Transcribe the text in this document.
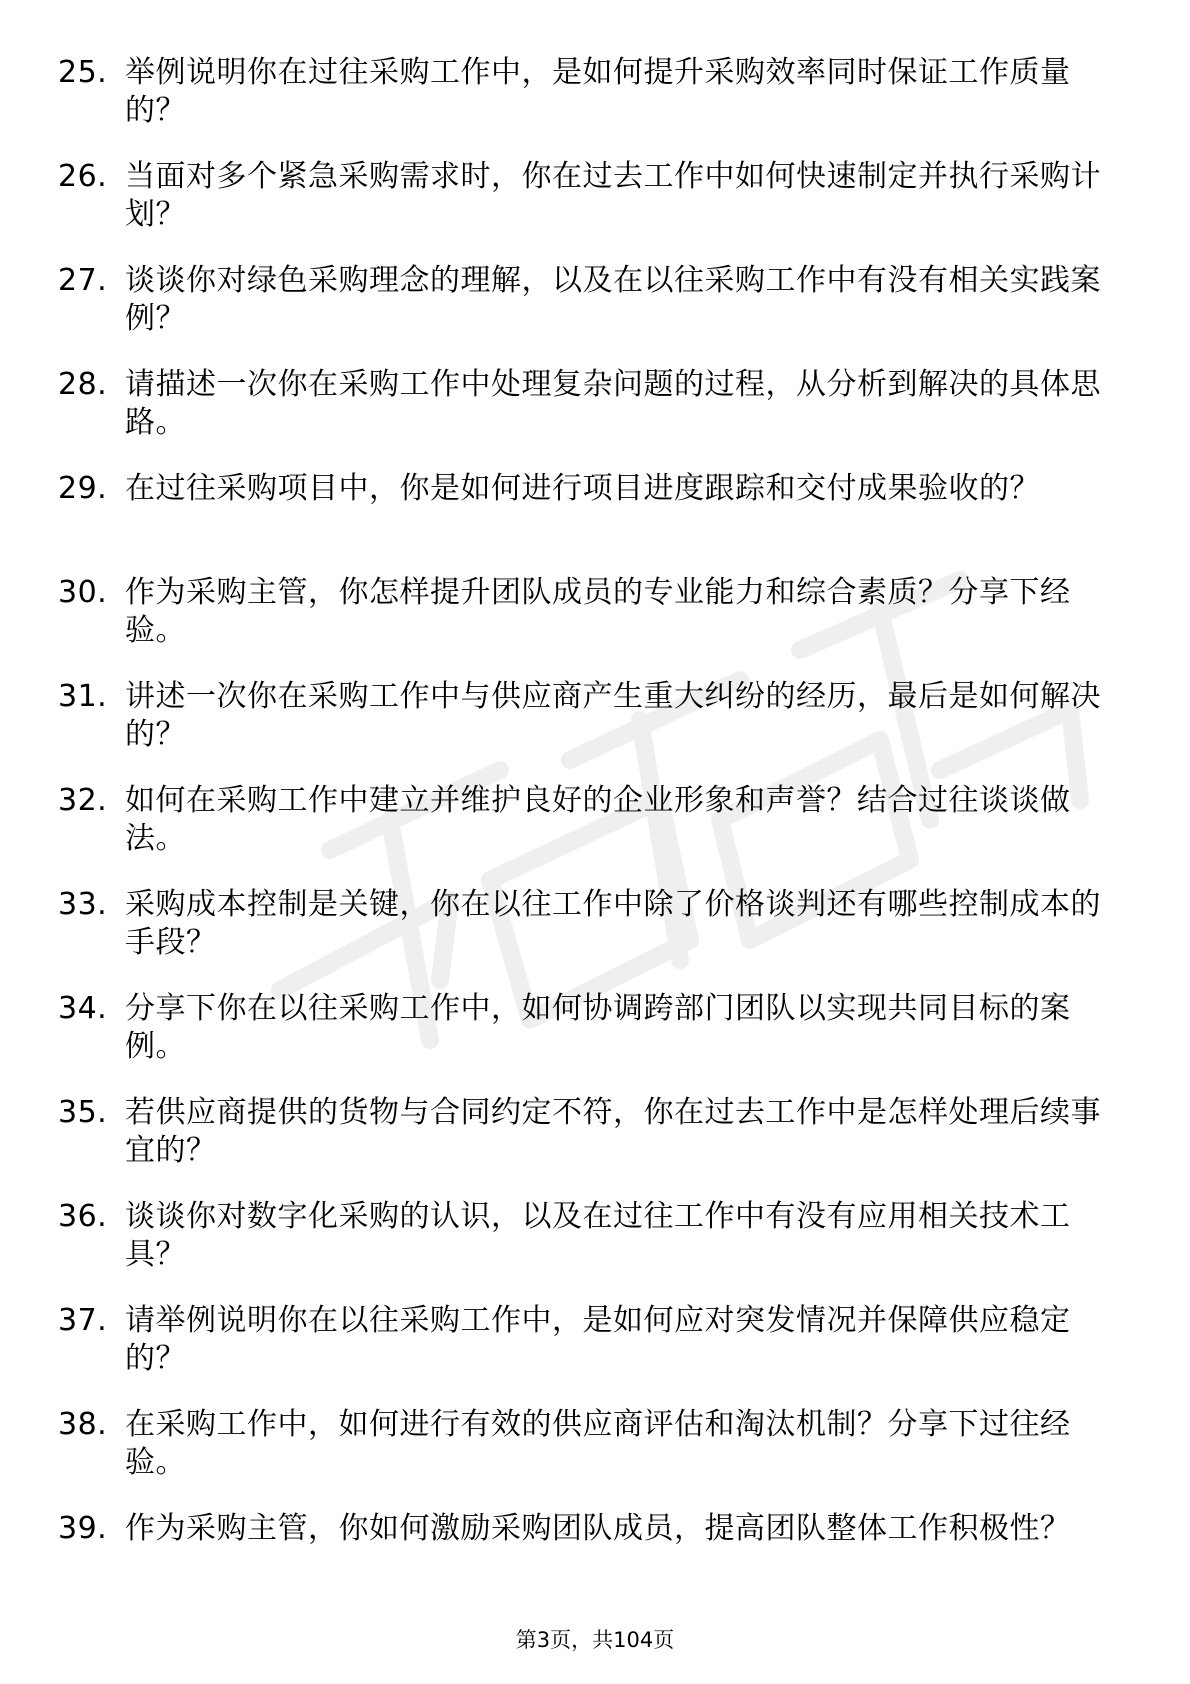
25. 举例说明你在过往采购工作中，是如何提升采购效率同时保证工作质量的？
26. 当面对多个紧急采购需求时，你在过去工作中如何快速制定并执行采购计划？
27. 谈谈你对绿色采购理念的理解，以及在以往采购工作中有没有相关实践案例？
28. 请描述一次你在采购工作中处理复杂问题的过程，从分析到解决的具体思路。
29. 在过往采购项目中，你是如何进行项目进度跟踪和交付成果验收的？
30. 作为采购主管，你怎样提升团队成员的专业能力和综合素质？分享下经验。
31. 讲述一次你在采购工作中与供应商产生重大纠纷的经历，最后是如何解决的？
32. 如何在采购工作中建立并维护良好的企业形象和声誉？结合过往谈谈做法。
33. 采购成本控制是关键，你在以往工作中除了价格谈判还有哪些控制成本的手段？
34. 分享下你在以往采购工作中，如何协调跨部门团队以实现共同目标的案例。
35. 若供应商提供的货物与合同约定不符，你在过去工作中是怎样处理后续事宜的？
36. 谈谈你对数字化采购的认识，以及在过往工作中有没有应用相关技术工具？
37. 请举例说明你在以往采购工作中，是如何应对突发情况并保障供应稳定的？
38. 在采购工作中，如何进行有效的供应商评估和淘汰机制？分享下过往经验。
39. 作为采购主管，你如何激励采购团队成员，提高团队整体工作积极性？
第3页，共104页
